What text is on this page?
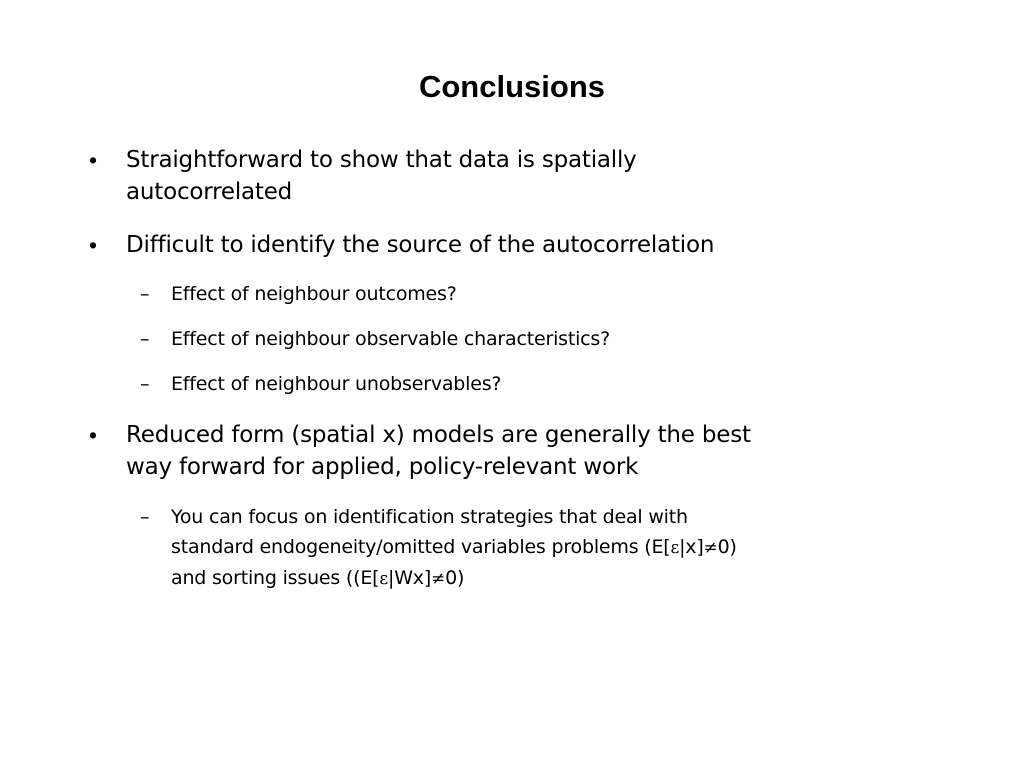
Conclusions
• Straightforward to show that data is spatially
autocorrelated
• Difficult to identify the source of the autocorrelation
– Effect of neighbour outcomes?
– Effect of neighbour observable characteristics?
– Effect of neighbour unobservables?
• Reduced form (spatial x) models are generally the best
way forward for applied, policy-relevant work
– You can focus on identification strategies that deal with
standard endogeneity/omitted variables problems (E[ε|x]≠0)
and sorting issues ((E[ε|Wx]≠0)
